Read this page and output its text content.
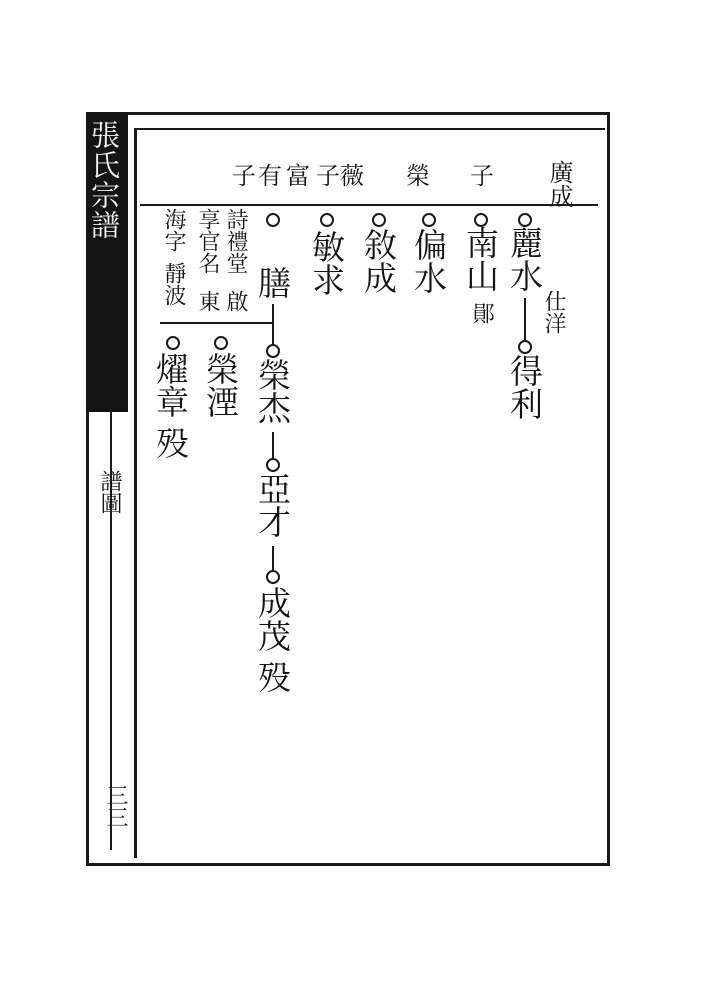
張氏宗譜
譜圖
三三
子
榮
薇
子
富
有
子	廣成
麗水
仕洋
得利
南山
鄖
偏水
敘成
敏求
膳
榮杰
亞才
成茂
殁
詩禮堂
啟
榮湮
享官名
東
海字
靜波
燿章
殁
